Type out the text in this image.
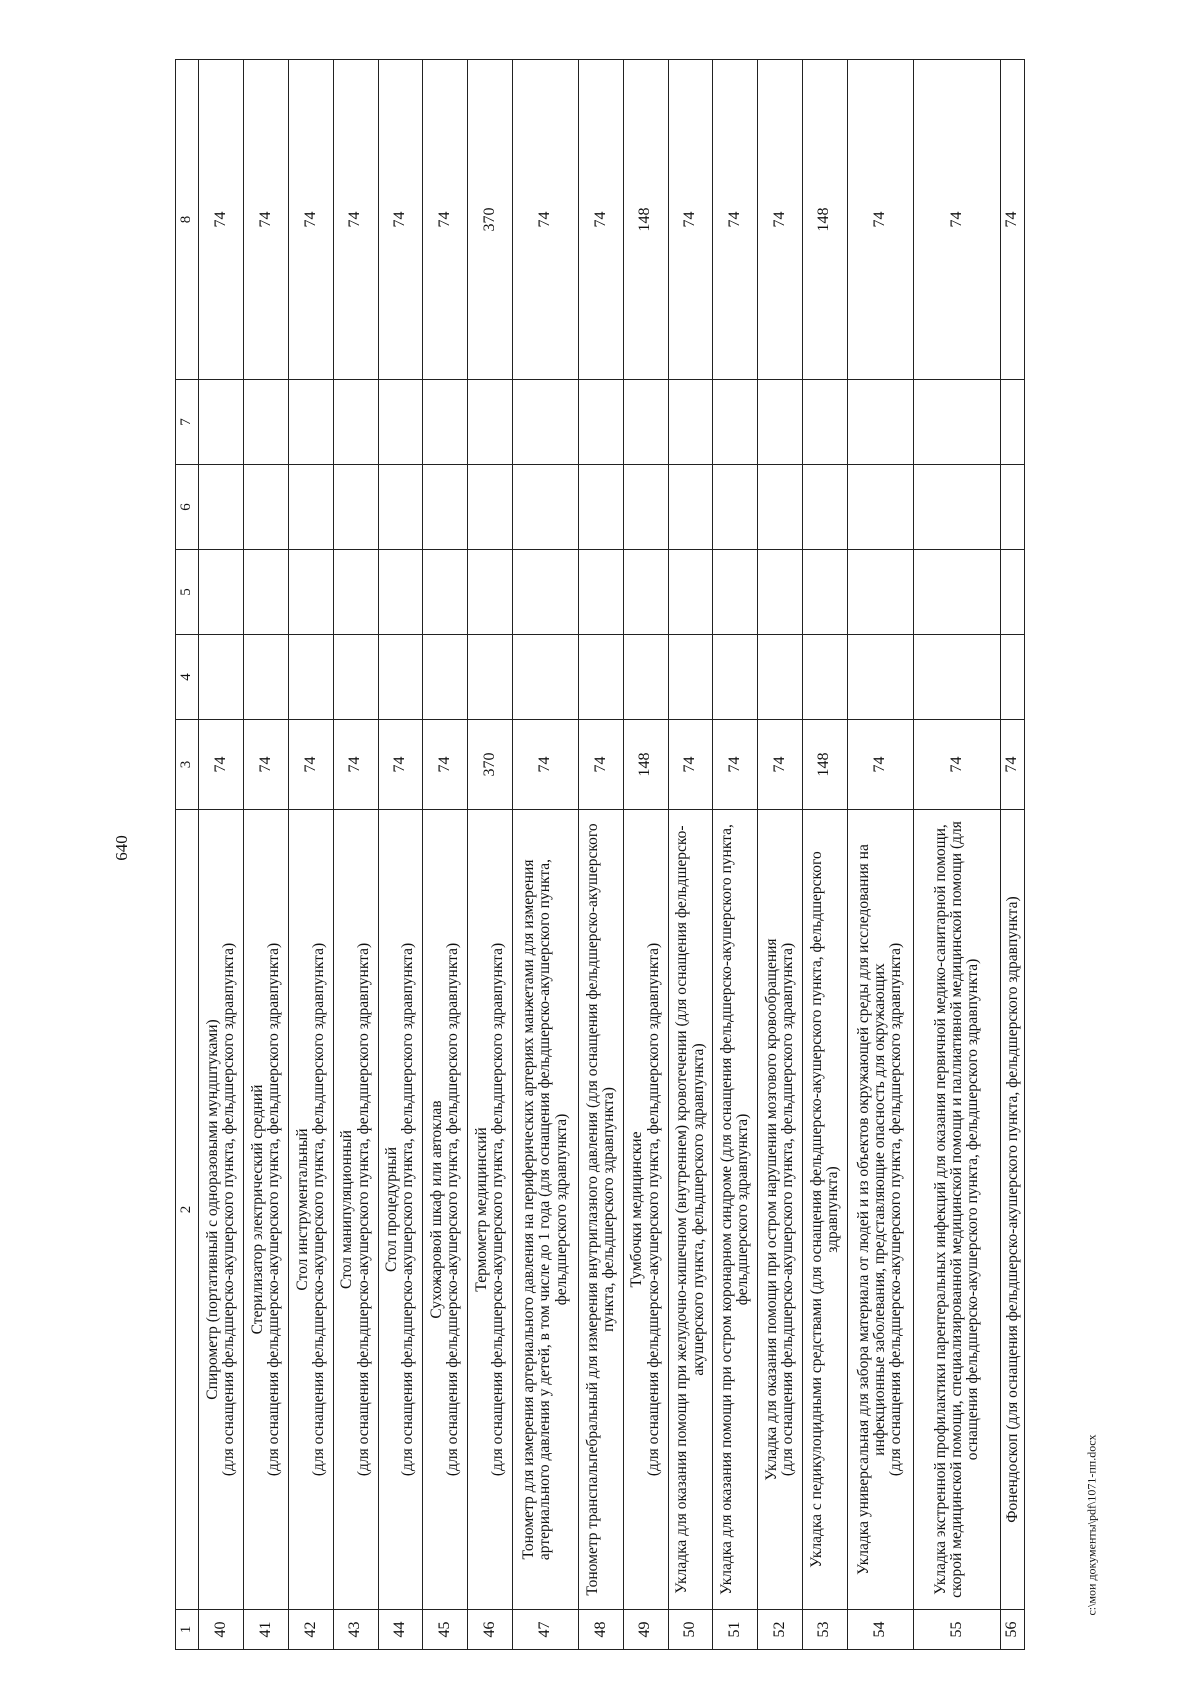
640
1	2	3	4	5	6	7	8
40	Спирометр (портативный с одноразовыми мундштуками) (для оснащения фельдшерско-акушерского пункта, фельдшерского здравпункта)	74					74
41	Стерилизатор электрический средний (для оснащения фельдшерско-акушерского пункта, фельдшерского здравпункта)	74					74
42	Стол инструментальный (для оснащения фельдшерско-акушерского пункта, фельдшерского здравпункта)	74					74
43	Стол манипуляционный (для оснащения фельдшерско-акушерского пункта, фельдшерского здравпункта)	74					74
44	Стол процедурный (для оснащения фельдшерско-акушерского пункта, фельдшерского здравпункта)	74					74
45	Сухожаровой шкаф или автоклав (для оснащения фельдшерско-акушерского пункта, фельдшерского здравпункта)	74					74
46	Термометр медицинский (для оснащения фельдшерско-акушерского пункта, фельдшерского здравпункта)	370					370
47	Тонометр для измерения артериального давления на периферических артериях манжетами для измерения артериального давления у детей, в том числе до 1 года (для оснащения фельдшерско-акушерского пункта, фельдшерского здравпункта)	74					74
48	Тонометр транспальпебральный для измерения внутриглазного давления (для оснащения фельдшерско-акушерского пункта, фельдшерского здравпункта)	74					74
49	Тумбочки медицинские (для оснащения фельдшерско-акушерского пункта, фельдшерского здравпункта)	148					148
50	Укладка для оказания помощи при желудочно-кишечном (внутреннем) кровотечении (для оснащения фельдшерско-акушерского пункта, фельдшерского здравпункта)	74					74
51	Укладка для оказания помощи при остром коронарном синдроме (для оснащения фельдшерско-акушерского пункта, фельдшерского здравпункта)	74					74
52	Укладка для оказания помощи при остром нарушении мозгового кровообращения (для оснащения фельдшерско-акушерского пункта, фельдшерского здравпункта)	74					74
53	Укладка с педикулоцидными средствами (для оснащения фельдшерско-акушерского пункта, фельдшерского здравпункта)	148					148
54	Укладка универсальная для забора материала от людей и из объектов окружающей среды для исследования на инфекционные заболевания, представляющие опасность для окружающих (для оснащения фельдшерско-акушерского пункта, фельдшерского здравпункта)	74					74
55	Укладка экстренной профилактики парентеральных инфекций для оказания первичной медико-санитарной помощи, скорой медицинской помощи, специализированной медицинской помощи и паллиативной медицинской помощи (для оснащения фельдшерско-акушерского пункта, фельдшерского здравпункта)	74					74
56	Фонендоскоп (для оснащения фельдшерско-акушерского пункта, фельдшерского здравпункта)	74					74
c:\мои документы\pdf\1071-пп.docx
